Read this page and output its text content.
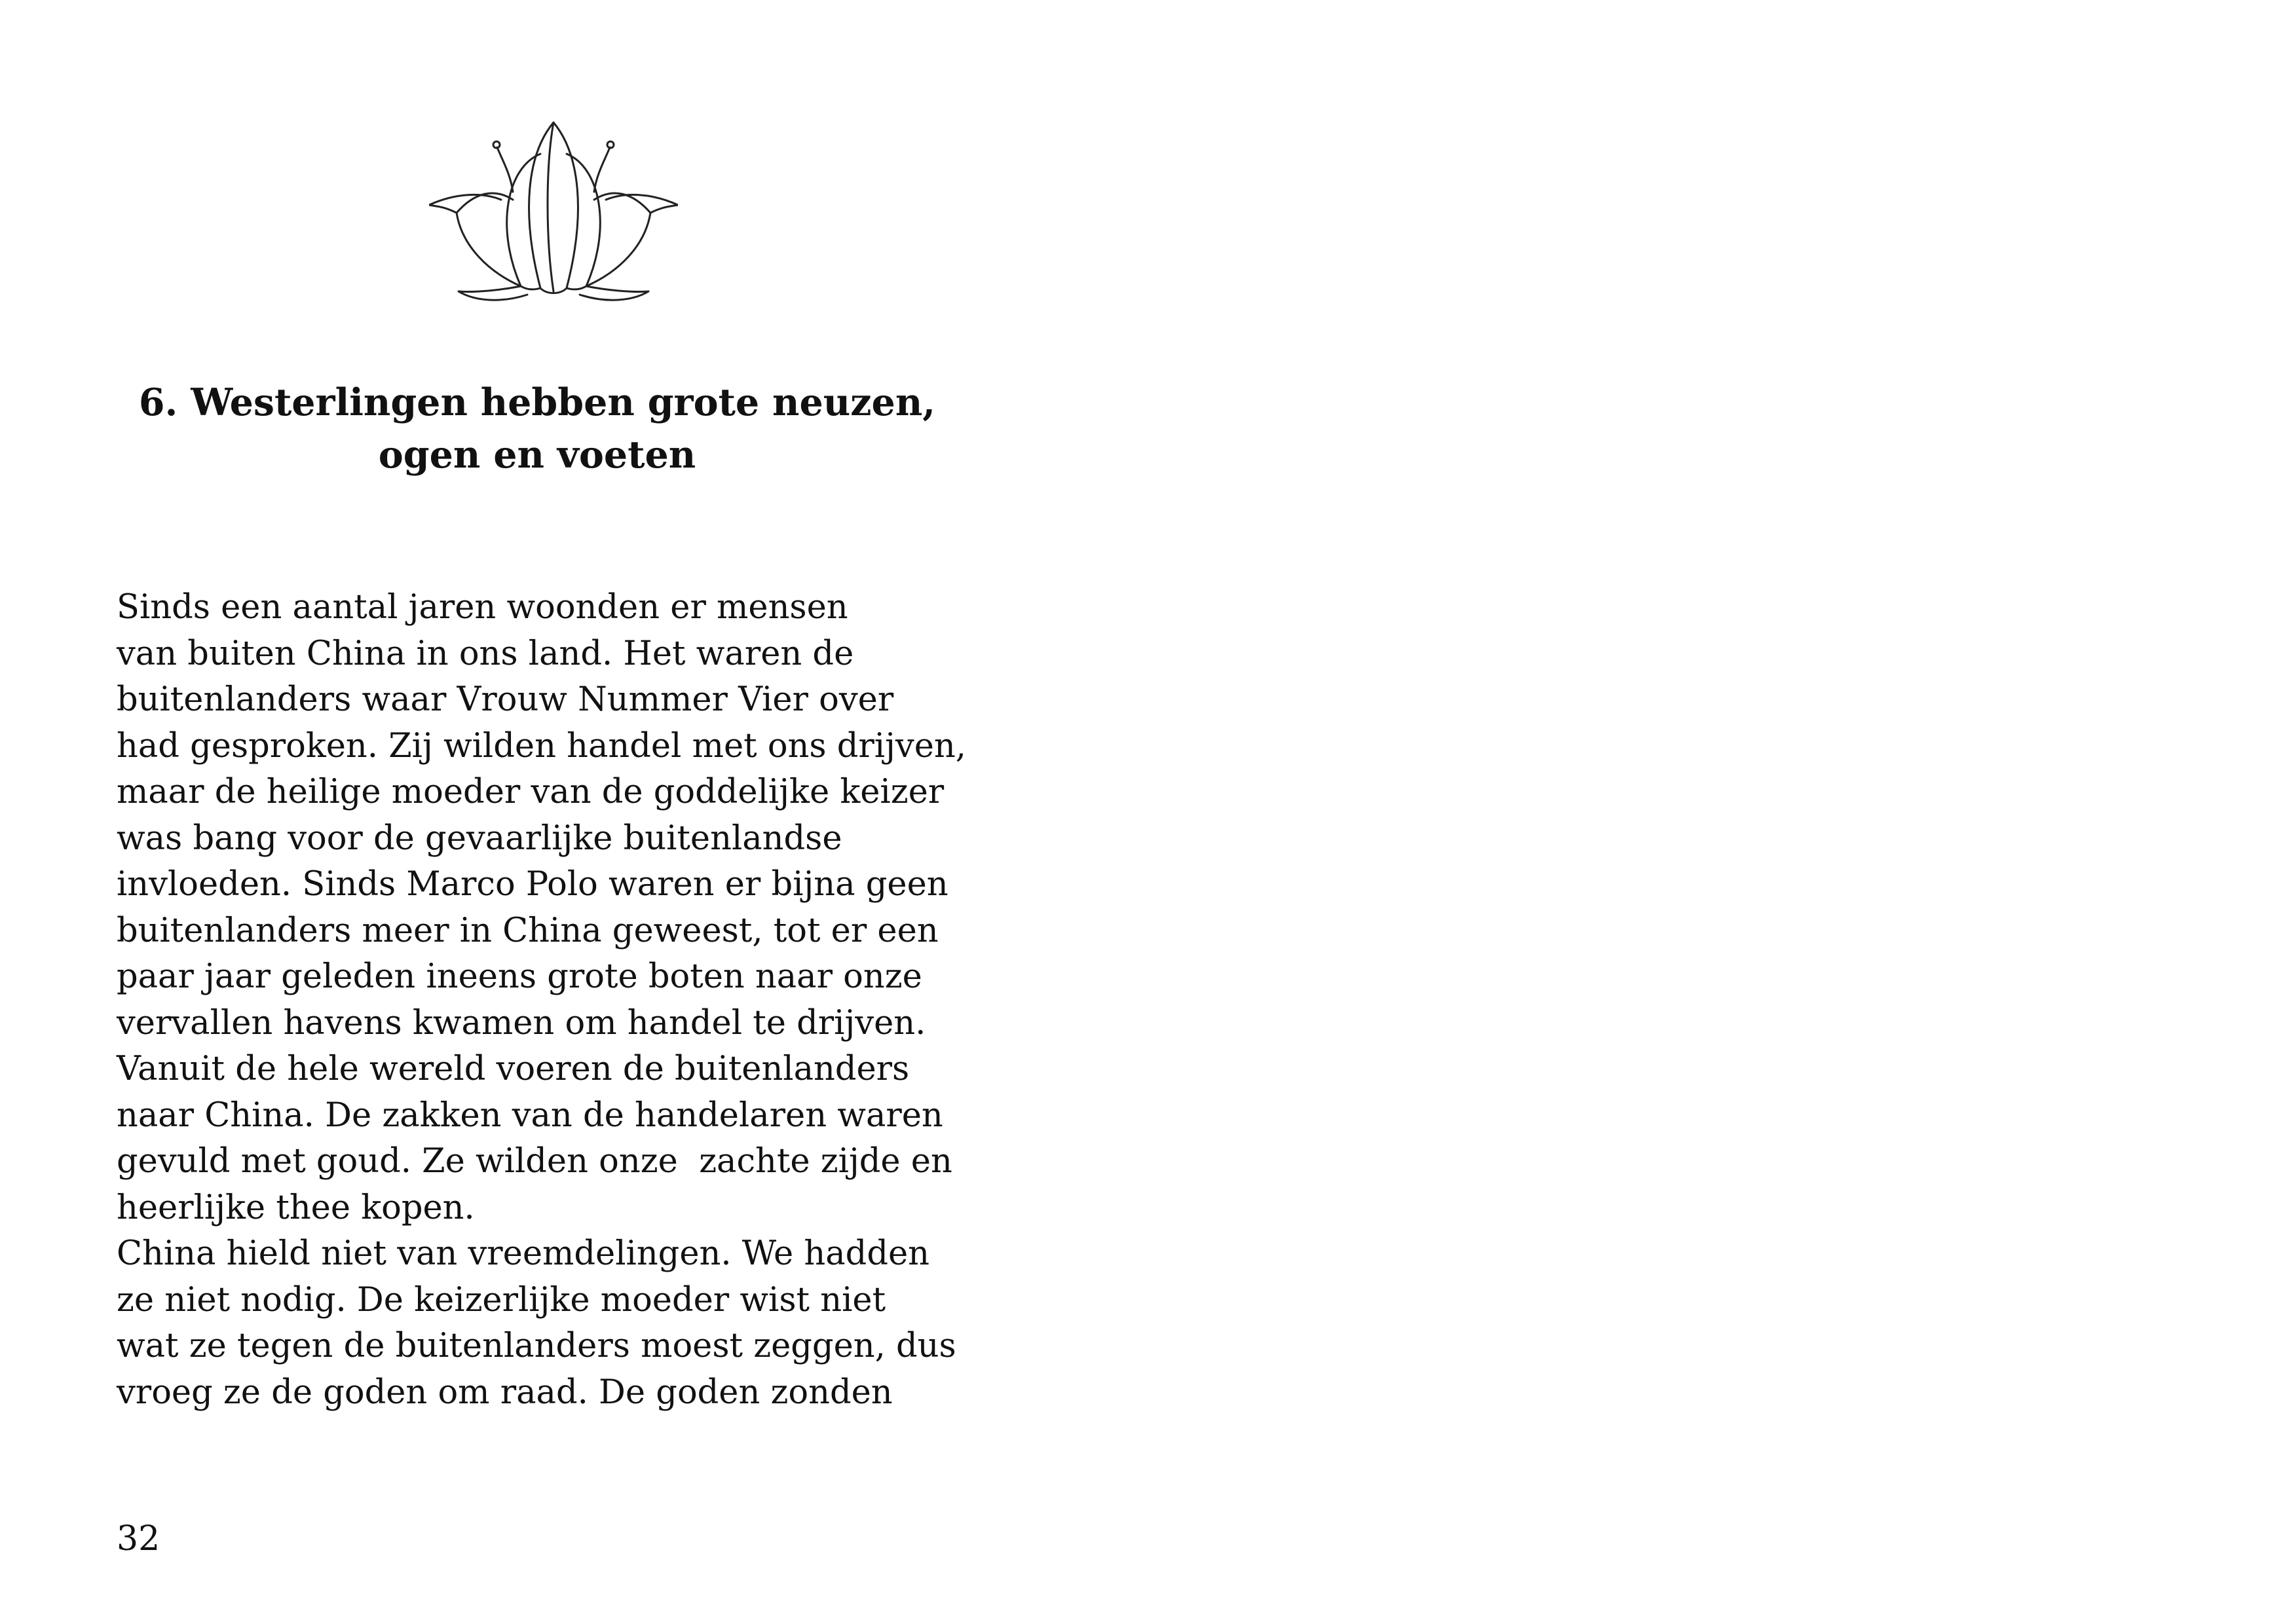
6. Westerlingen hebben grote neuzen,
ogen en voeten
Sinds een aantal jaren woonden er mensen
van buiten China in ons land. Het waren de
buitenlanders waar Vrouw Nummer Vier over
had gesproken. Zij wilden handel met ons drijven,
maar de heilige moeder van de goddelijke keizer
was bang voor de gevaarlijke buitenlandse
invloeden. Sinds Marco Polo waren er bijna geen
buitenlanders meer in China geweest, tot er een
paar jaar geleden ineens grote boten naar onze
vervallen havens kwamen om handel te drijven.
Vanuit de hele wereld voeren de buitenlanders
naar China. De zakken van de handelaren waren
gevuld met goud. Ze wilden onze  zachte zijde en
heerlijke thee kopen.
China hield niet van vreemdelingen. We hadden
ze niet nodig. De keizerlijke moeder wist niet
wat ze tegen de buitenlanders moest zeggen, dus
vroeg ze de goden om raad. De goden zonden
32
